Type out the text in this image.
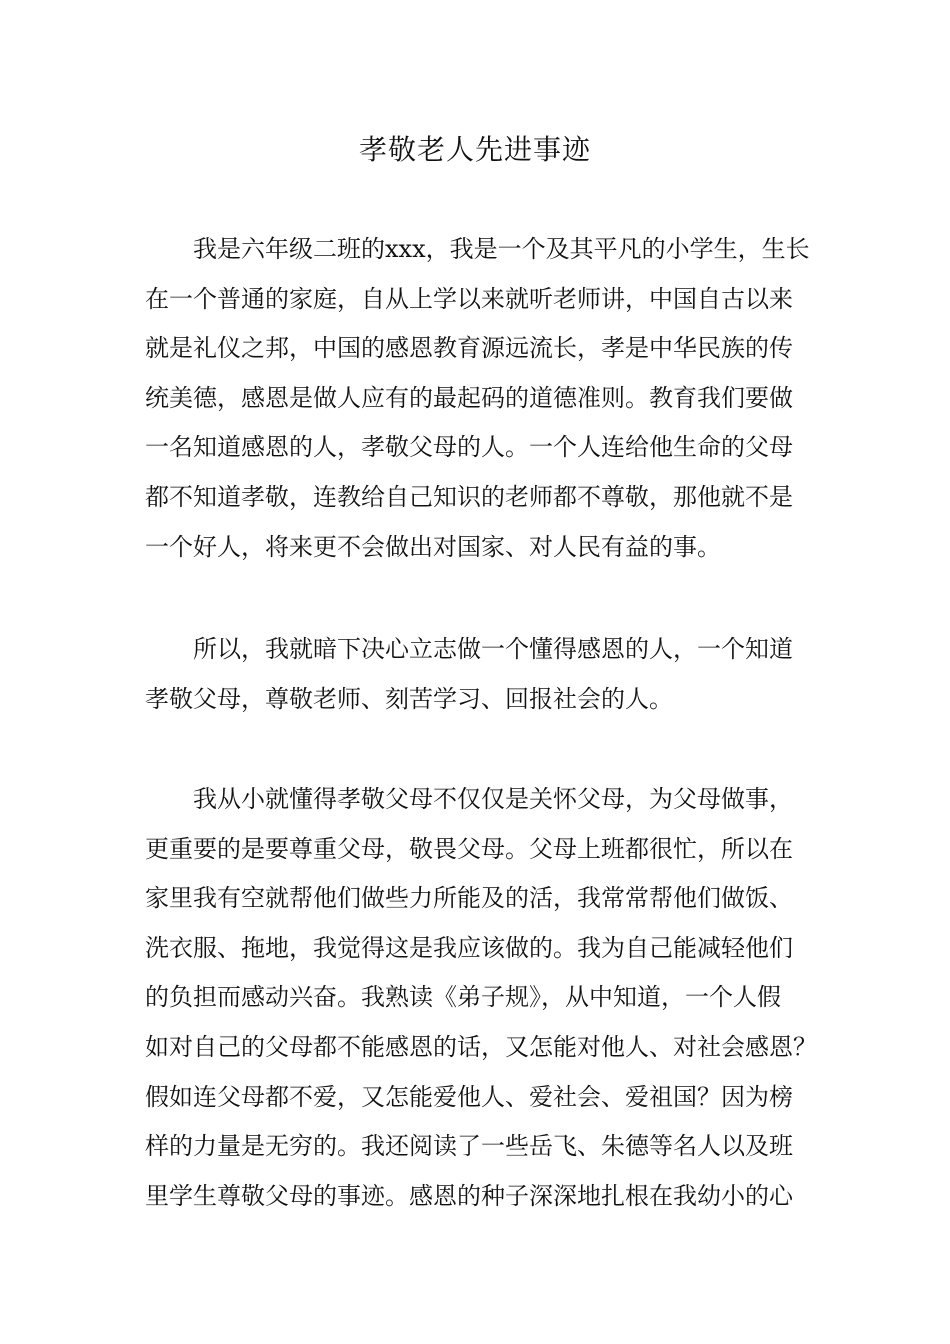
孝敬老人先进事迹
我是六年级二班的xxx，我是一个及其平凡的小学生，生长
在一个普通的家庭，自从上学以来就听老师讲，中国自古以来
就是礼仪之邦，中国的感恩教育源远流长，孝是中华民族的传
统美德，感恩是做人应有的最起码的道德准则。教育我们要做
一名知道感恩的人，孝敬父母的人。一个人连给他生命的父母
都不知道孝敬，连教给自己知识的老师都不尊敬，那他就不是
一个好人，将来更不会做出对国家、对人民有益的事。
所以，我就暗下决心立志做一个懂得感恩的人，一个知道
孝敬父母，尊敬老师、刻苦学习、回报社会的人。
我从小就懂得孝敬父母不仅仅是关怀父母，为父母做事，
更重要的是要尊重父母，敬畏父母。父母上班都很忙，所以在
家里我有空就帮他们做些力所能及的活，我常常帮他们做饭、
洗衣服、拖地，我觉得这是我应该做的。我为自己能减轻他们
的负担而感动兴奋。我熟读《弟子规》，从中知道，一个人假
如对自己的父母都不能感恩的话，又怎能对他人、对社会感恩？
假如连父母都不爱，又怎能爱他人、爱社会、爱祖国？因为榜
样的力量是无穷的。我还阅读了一些岳飞、朱德等名人以及班
里学生尊敬父母的事迹。感恩的种子深深地扎根在我幼小的心
